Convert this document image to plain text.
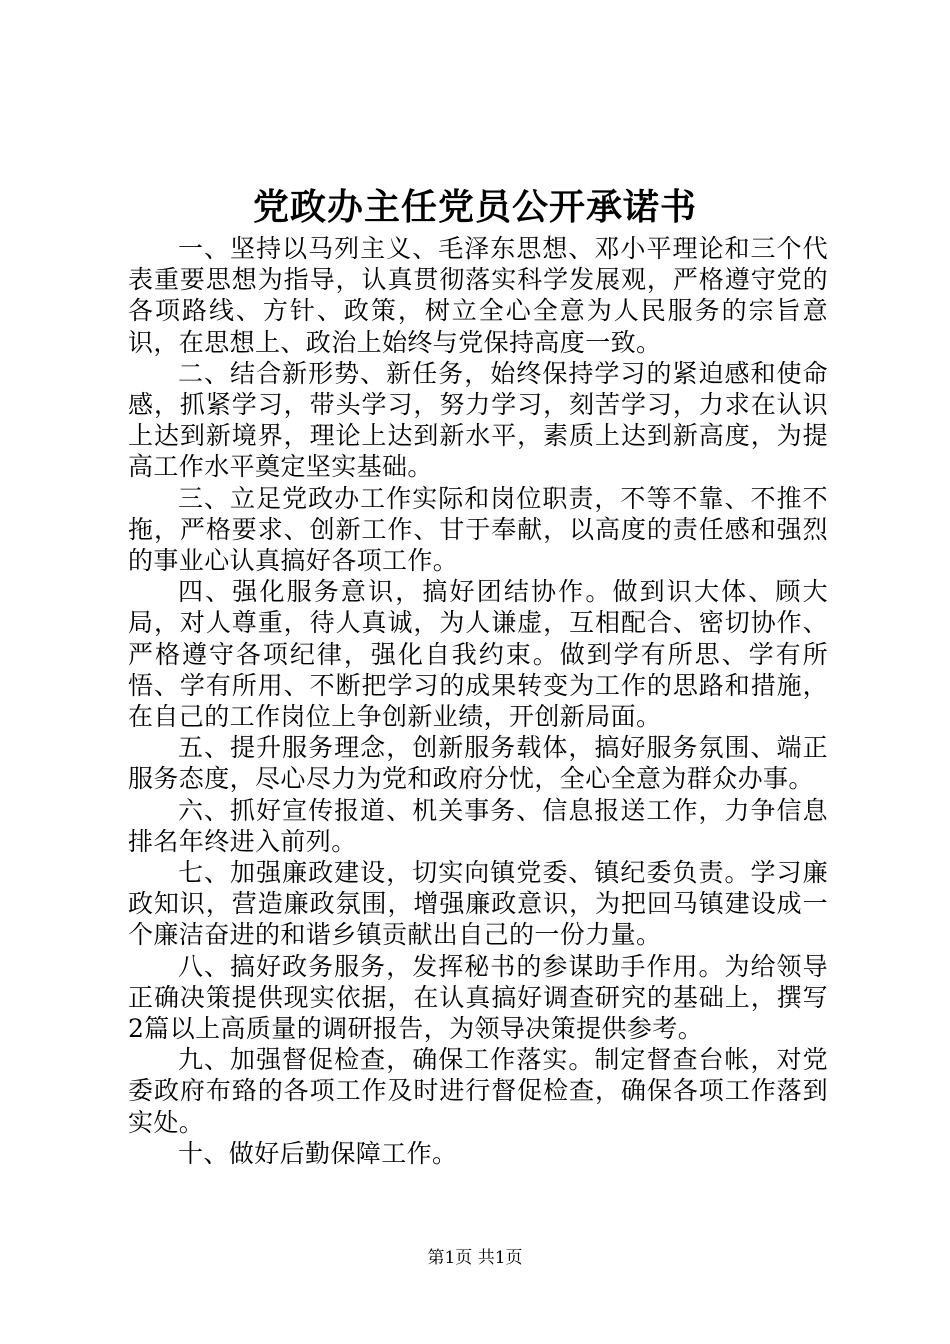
党政办主任党员公开承诺书

一、坚持以马列主义、毛泽东思想、邓小平理论和三个代表重要思想为指导，认真贯彻落实科学发展观，严格遵守党的各项路线、方针、政策，树立全心全意为人民服务的宗旨意识，在思想上、政治上始终与党保持高度一致。

二、结合新形势、新任务，始终保持学习的紧迫感和使命感，抓紧学习，带头学习，努力学习，刻苦学习，力求在认识上达到新境界，理论上达到新水平，素质上达到新高度，为提高工作水平奠定坚实基础。

三、立足党政办工作实际和岗位职责，不等不靠、不推不拖，严格要求、创新工作、甘于奉献，以高度的责任感和强烈的事业心认真搞好各项工作。

四、强化服务意识，搞好团结协作。做到识大体、顾大局，对人尊重，待人真诚，为人谦虚，互相配合、密切协作、严格遵守各项纪律，强化自我约束。做到学有所思、学有所悟、学有所用、不断把学习的成果转变为工作的思路和措施，在自己的工作岗位上争创新业绩，开创新局面。

五、提升服务理念，创新服务载体，搞好服务氛围、端正服务态度，尽心尽力为党和政府分忧，全心全意为群众办事。

六、抓好宣传报道、机关事务、信息报送工作，力争信息排名年终进入前列。

七、加强廉政建设，切实向镇党委、镇纪委负责。学习廉政知识，营造廉政氛围，增强廉政意识，为把回马镇建设成一个廉洁奋进的和谐乡镇贡献出自己的一份力量。

八、搞好政务服务，发挥秘书的参谋助手作用。为给领导正确决策提供现实依据，在认真搞好调查研究的基础上，撰写2篇以上高质量的调研报告，为领导决策提供参考。

九、加强督促检查，确保工作落实。制定督查台帐，对党委政府布臵的各项工作及时进行督促检查，确保各项工作落到实处。

十、做好后勤保障工作。

第1页 共1页
